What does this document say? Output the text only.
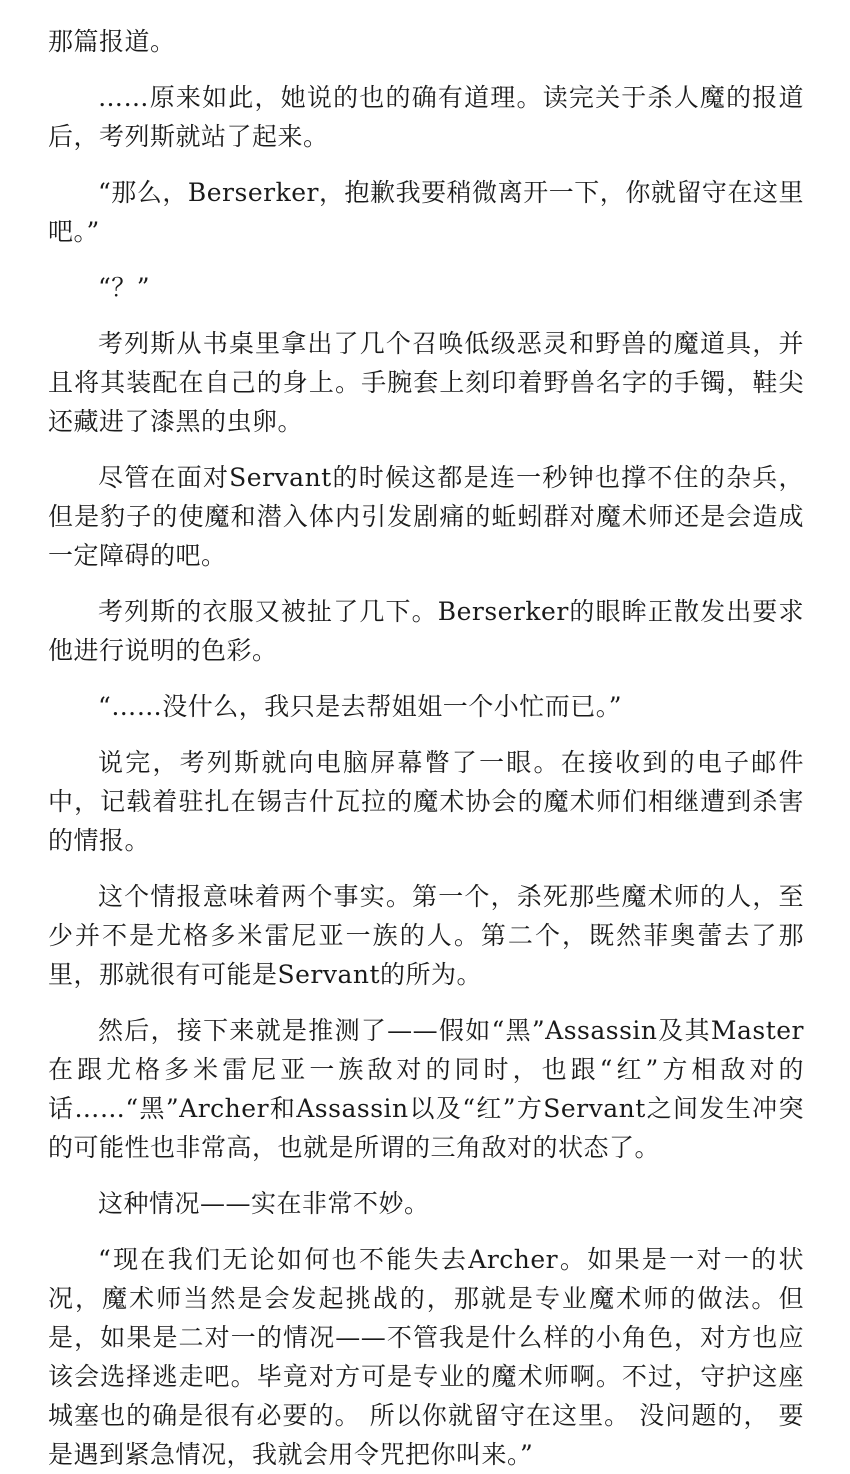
那篇报道。

……原来如此，她说的也的确有道理。读完关于杀人魔的报道后，考列斯就站了起来。

“那么，Berserker，抱歉我要稍微离开一下，你就留守在这里吧。”

“？”

考列斯从书桌里拿出了几个召唤低级恶灵和野兽的魔道具，并且将其装配在自己的身上。手腕套上刻印着野兽名字的手镯，鞋尖还藏进了漆黑的虫卵。

尽管在面对Servant的时候这都是连一秒钟也撑不住的杂兵，但是豹子的使魔和潜入体内引发剧痛的蚯蚓群对魔术师还是会造成一定障碍的吧。

考列斯的衣服又被扯了几下。Berserker的眼眸正散发出要求他进行说明的色彩。

“……没什么，我只是去帮姐姐一个小忙而已。”

说完，考列斯就向电脑屏幕瞥了一眼。在接收到的电子邮件中，记载着驻扎在锡吉什瓦拉的魔术协会的魔术师们相继遭到杀害的情报。

这个情报意味着两个事实。第一个，杀死那些魔术师的人，至少并不是尤格多米雷尼亚一族的人。第二个，既然菲奥蕾去了那里，那就很有可能是Servant的所为。

然后，接下来就是推测了——假如“黑”Assassin及其Master在跟尤格多米雷尼亚一族敌对的同时，也跟“红”方相敌对的话……“黑”Archer和Assassin以及“红”方Servant之间发生冲突的可能性也非常高，也就是所谓的三角敌对的状态了。

这种情况——实在非常不妙。

“现在我们无论如何也不能失去Archer。如果是一对一的状况，魔术师当然是会发起挑战的，那就是专业魔术师的做法。但是，如果是二对一的情况——不管我是什么样的小角色，对方也应该会选择逃走吧。毕竟对方可是专业的魔术师啊。不过，守护这座城塞也的确是很有必要的。 所以你就留守在这里。 没问题的， 要是遇到紧急情况，我就会用令咒把你叫来。”
